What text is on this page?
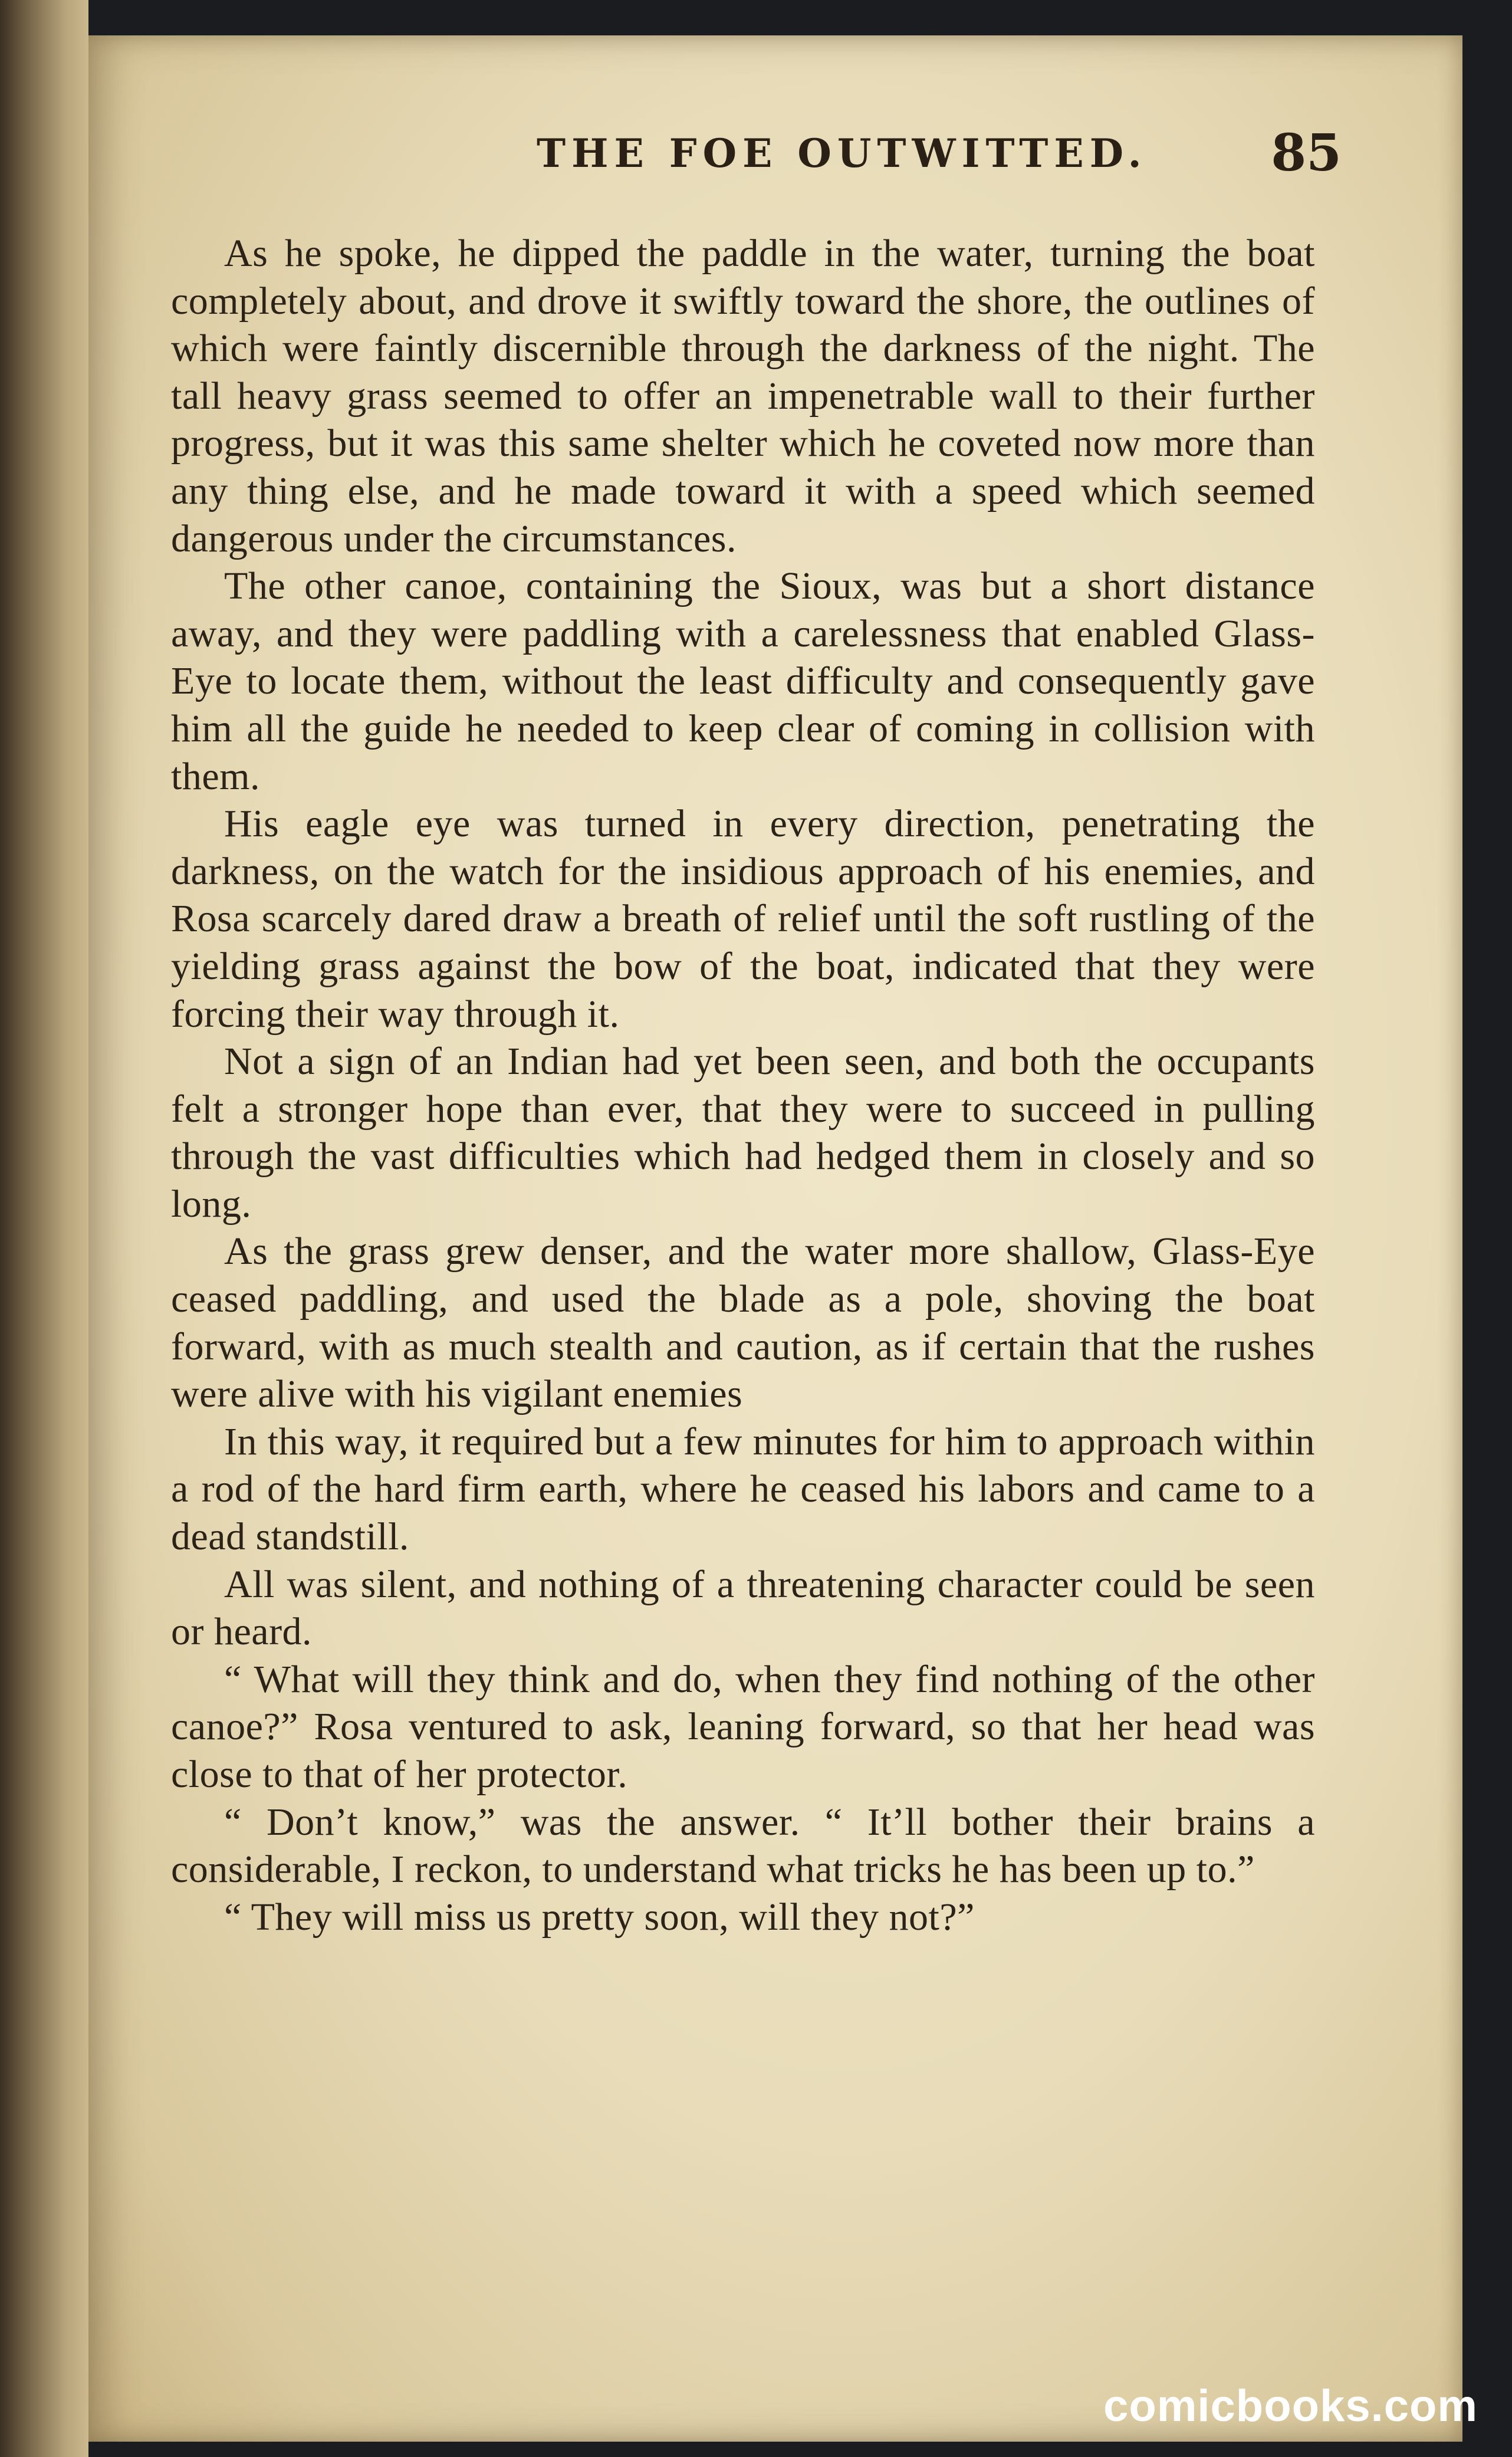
THE FOE OUTWITTED. 85

As he spoke, he dipped the paddle in the water, turning the boat completely about, and drove it swiftly toward the shore, the outlines of which were faintly discernible through the darkness of the night. The tall heavy grass seemed to offer an impenetrable wall to their further progress, but it was this same shelter which he coveted now more than any thing else, and he made toward it with a speed which seemed dangerous under the circumstances.

The other canoe, containing the Sioux, was but a short distance away, and they were paddling with a carelessness that enabled Glass-Eye to locate them, without the least difficulty and consequently gave him all the guide he needed to keep clear of coming in collision with them.

His eagle eye was turned in every direction, penetrating the darkness, on the watch for the insidious approach of his enemies, and Rosa scarcely dared draw a breath of relief until the soft rustling of the yielding grass against the bow of the boat, indicated that they were forcing their way through it.

Not a sign of an Indian had yet been seen, and both the occupants felt a stronger hope than ever, that they were to succeed in pulling through the vast difficulties which had hedged them in closely and so long.

As the grass grew denser, and the water more shallow, Glass-Eye ceased paddling, and used the blade as a pole, shoving the boat forward, with as much stealth and caution, as if certain that the rushes were alive with his vigilant enemies

In this way, it required but a few minutes for him to approach within a rod of the hard firm earth, where he ceased his labors and came to a dead standstill.

All was silent, and nothing of a threatening character could be seen or heard.

“ What will they think and do, when they find nothing of the other canoe?” Rosa ventured to ask, leaning forward, so that her head was close to that of her protector.

“ Don’t know,” was the answer. “ It’ll bother their brains a considerable, I reckon, to understand what tricks he has been up to.”

“ They will miss us pretty soon, will they not?”

comicbooks.com
